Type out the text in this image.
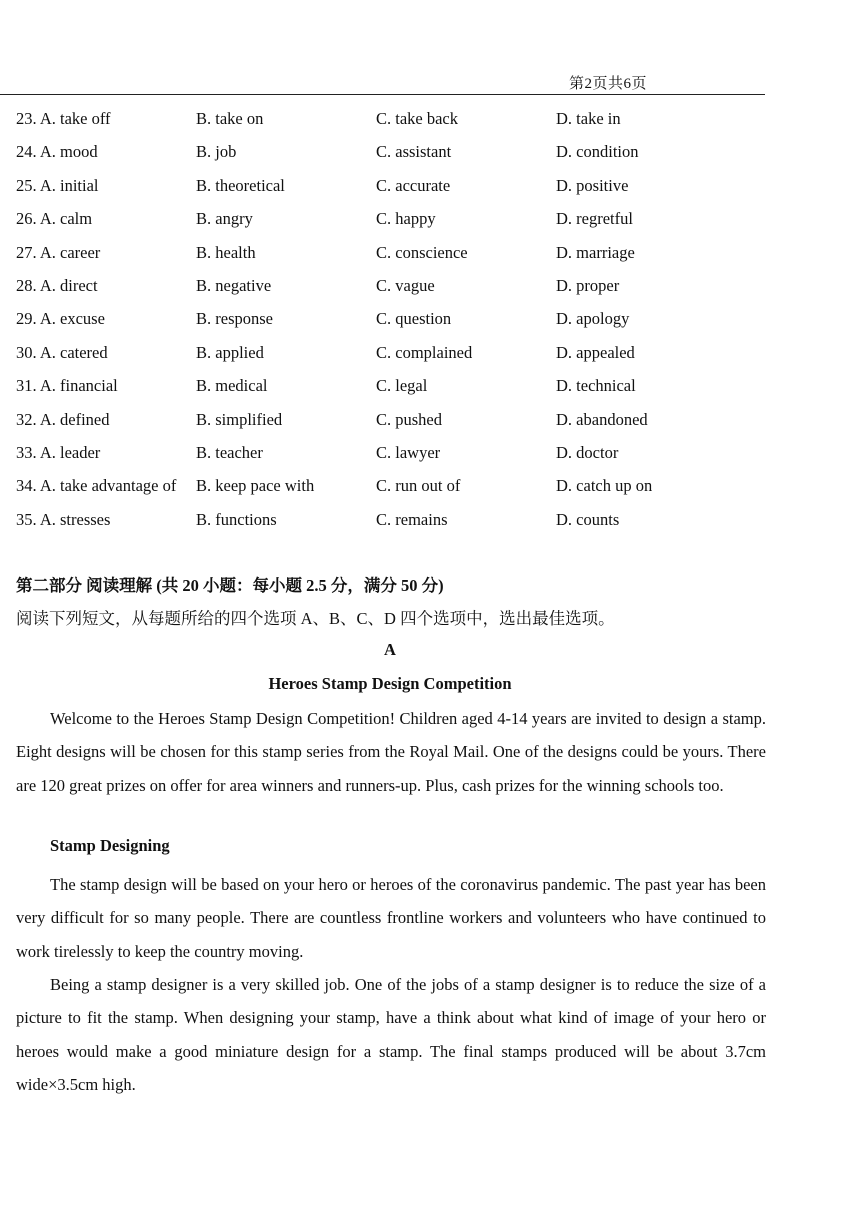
第2页共6页
23. A. take off	B. take on	C. take back	D. take in
24. A. mood	B. job	C. assistant	D. condition
25. A. initial	B. theoretical	C. accurate	D. positive
26. A. calm	B. angry	C. happy	D. regretful
27. A. career	B. health	C. conscience	D. marriage
28. A. direct	B. negative	C. vague	D. proper
29. A. excuse	B. response	C. question	D. apology
30. A. catered	B. applied	C. complained	D. appealed
31. A. financial	B. medical	C. legal	D. technical
32. A. defined	B. simplified	C. pushed	D. abandoned
33. A. leader	B. teacher	C. lawyer	D. doctor
34. A. take advantage of B. keep pace with	C. run out of	D. catch up on
35. A. stresses	B. functions	C. remains	D. counts
第二部分 阅读理解 (共 20 小题：每小题 2.5 分，满分 50 分)
阅读下列短文，从每题所给的四个选项 A、B、C、D 四个选项中，选出最佳选项。
A
Heroes Stamp Design Competition

Welcome to the Heroes Stamp Design Competition! Children aged 4-14 years are invited to design a stamp. Eight designs will be chosen for this stamp series from the Royal Mail. One of the designs could be yours. There are 120 great prizes on offer for area winners and runners-up. Plus, cash prizes for the winning schools too.

Stamp Designing

The stamp design will be based on your hero or heroes of the coronavirus pandemic. The past year has been very difficult for so many people. There are countless frontline workers and volunteers who have continued to work tirelessly to keep the country moving.

Being a stamp designer is a very skilled job. One of the jobs of a stamp designer is to reduce the size of a picture to fit the stamp. When designing your stamp, have a think about what kind of image of your hero or heroes would make a good miniature design for a stamp. The final stamps produced will be about 3.7cm wide×3.5cm high.
